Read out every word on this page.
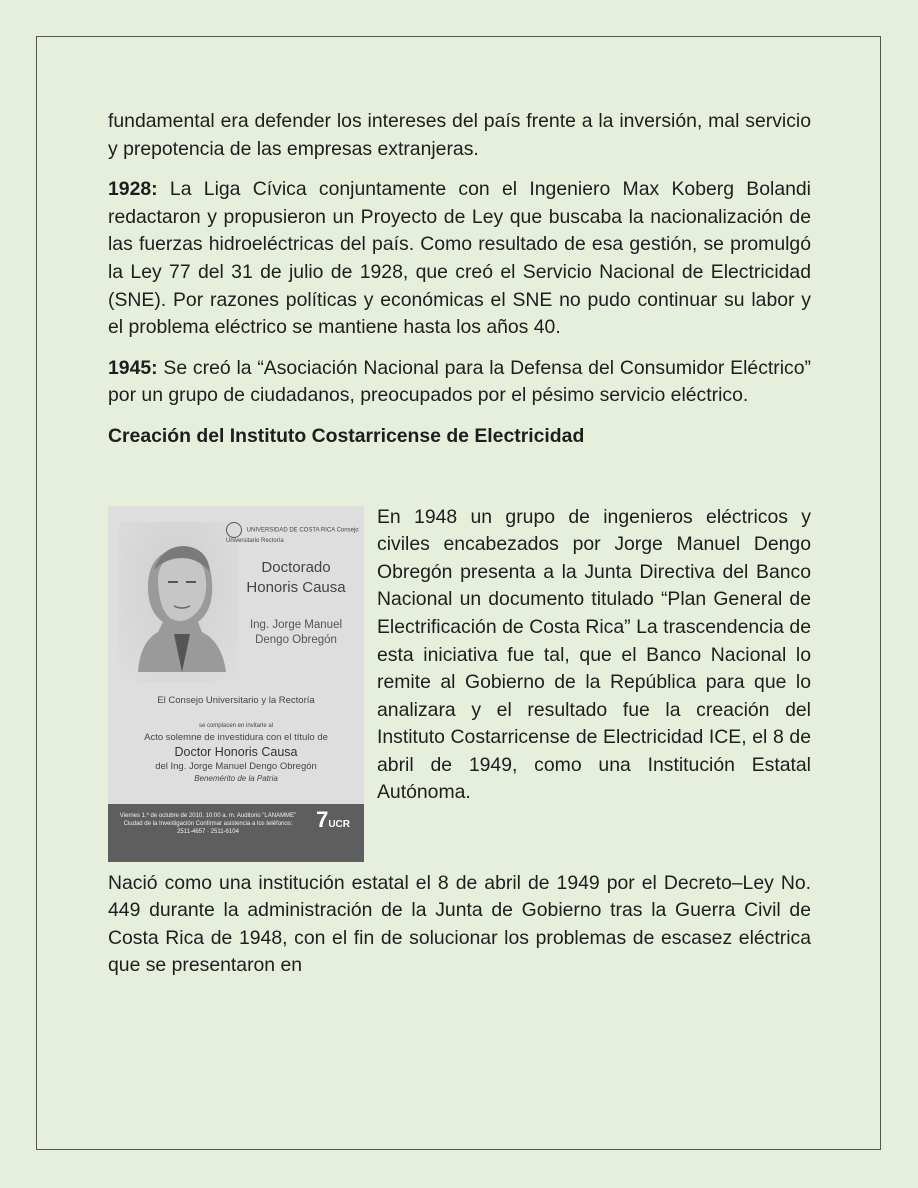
fundamental era defender los intereses del país frente a la inversión, mal servicio y prepotencia de las empresas extranjeras.

1928: La Liga Cívica conjuntamente con el Ingeniero Max Koberg Bolandi redactaron y propusieron un Proyecto de Ley que buscaba la nacionalización de las fuerzas hidroeléctricas del país. Como resultado de esa gestión, se promulgó la Ley 77 del 31 de julio de 1928, que creó el Servicio Nacional de Electricidad (SNE). Por razones políticas y económicas el SNE no pudo continuar su labor y el problema eléctrico se mantiene hasta los años 40.

1945: Se creó la “Asociación Nacional para la Defensa del Consumidor Eléctrico” por un grupo de ciudadanos, preocupados por el pésimo servicio eléctrico.

Creación del Instituto Costarricense de Electricidad
UNIVERSIDAD DE COSTA RICA Consejo Universitario Rectoría
Doctorado Honoris Causa
Ing. Jorge Manuel Dengo Obregón
El Consejo Universitario y la Rectoría
se complacen en invitarle al
Acto solemne de investidura con el título de
Doctor Honoris Causa
del Ing. Jorge Manuel Dengo Obregón
Benemérito de la Patria
Viernes 1.º de octubre de 2010, 10:00 a. m. Auditorio "LANAMME" Ciudad de la Investigación Confirmar asistencia a los teléfonos: 2511-4657 · 2511-6104	7UCR

En 1948 un grupo de ingenieros eléctricos y civiles encabezados por Jorge Manuel Dengo Obregón presenta a la Junta Directiva del Banco Nacional un documento titulado “Plan General de Electrificación de Costa Rica” La trascendencia de esta iniciativa fue tal, que el Banco Nacional lo remite al Gobierno de la República para que lo analizara y el resultado fue la creación del Instituto Costarricense de Electricidad ICE, el 8 de abril de 1949, como una Institución Estatal Autónoma.

Nació como una institución estatal el 8 de abril de 1949 por el Decreto–Ley No. 449 durante la administración de la Junta de Gobierno tras la Guerra Civil de Costa Rica de 1948, con el fin de solucionar los problemas de escasez eléctrica que se presentaron en
